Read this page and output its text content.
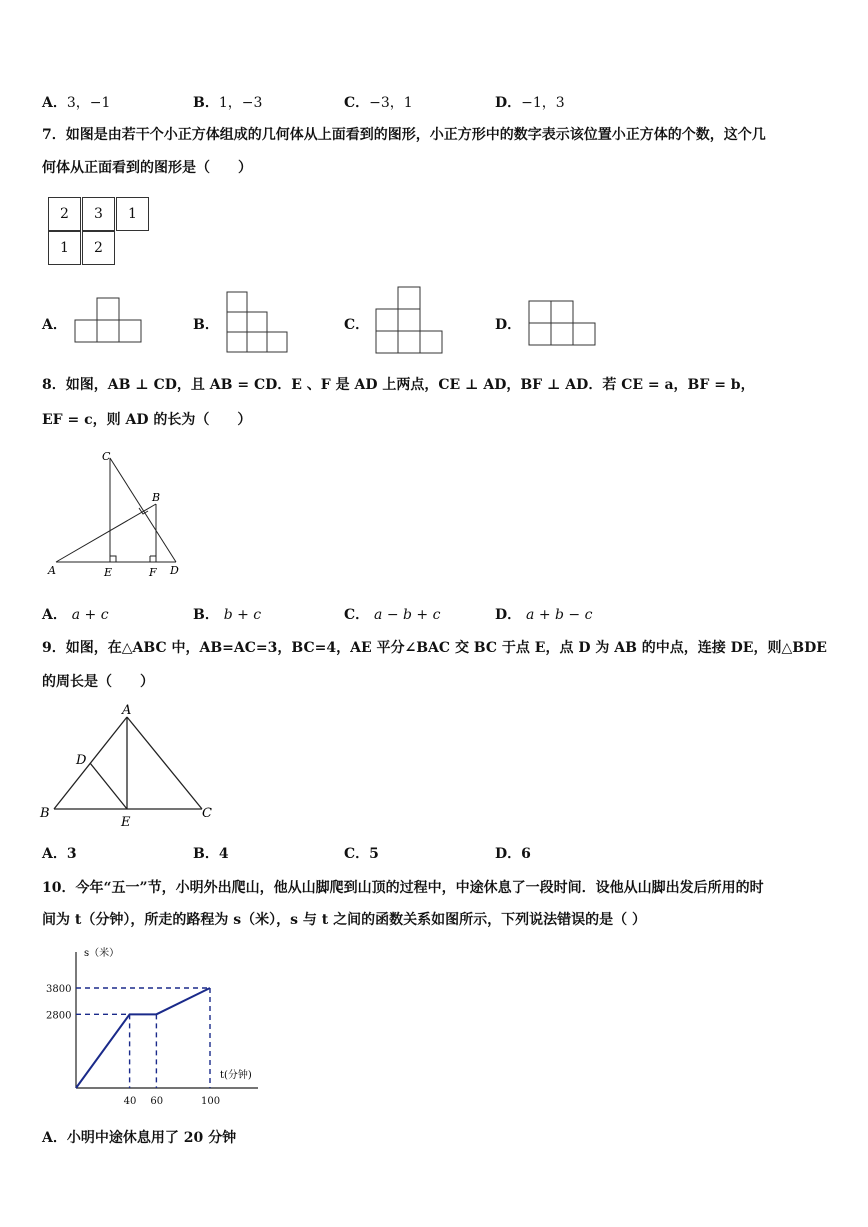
A．3，−1	B．1，−3	C．−3，1	D．−1，3
7．如图是由若干个小正方体组成的几何体从上面看到的图形，小正方形中的数字表示该位置小正方体的个数，这个几
何体从正面看到的图形是（　　）
2	3	1
1	2
A．	B．	C．	D．
8．如图，AB ⊥ CD，且 AB = CD．E 、F 是 AD 上两点，CE ⊥ AD，BF ⊥ AD．若 CE = a，BF = b，
EF = c，则 AD 的长为（　　）
C
B
A	E	F D
A． a + c	B． b + c	C． a − b + c	D． a + b − c
9．如图，在△ABC 中，AB=AC=3，BC=4，AE 平分∠BAC 交 BC 于点 E，点 D 为 AB 的中点，连接 DE，则△BDE
的周长是（　　）
A
D
B
E
C
A．3	B．4	C．5	D．6
10．今年“五一”节，小明外出爬山，他从山脚爬到山顶的过程中，中途休息了一段时间．设他从山脚出发后所用的时
间为 t（分钟），所走的路程为 s（米），s 与 t 之间的函数关系如图所示，下列说法错误的是（ ）
s（米）
t(分钟)
2800
3800
40 60	100
A．小明中途休息用了 20 分钟
